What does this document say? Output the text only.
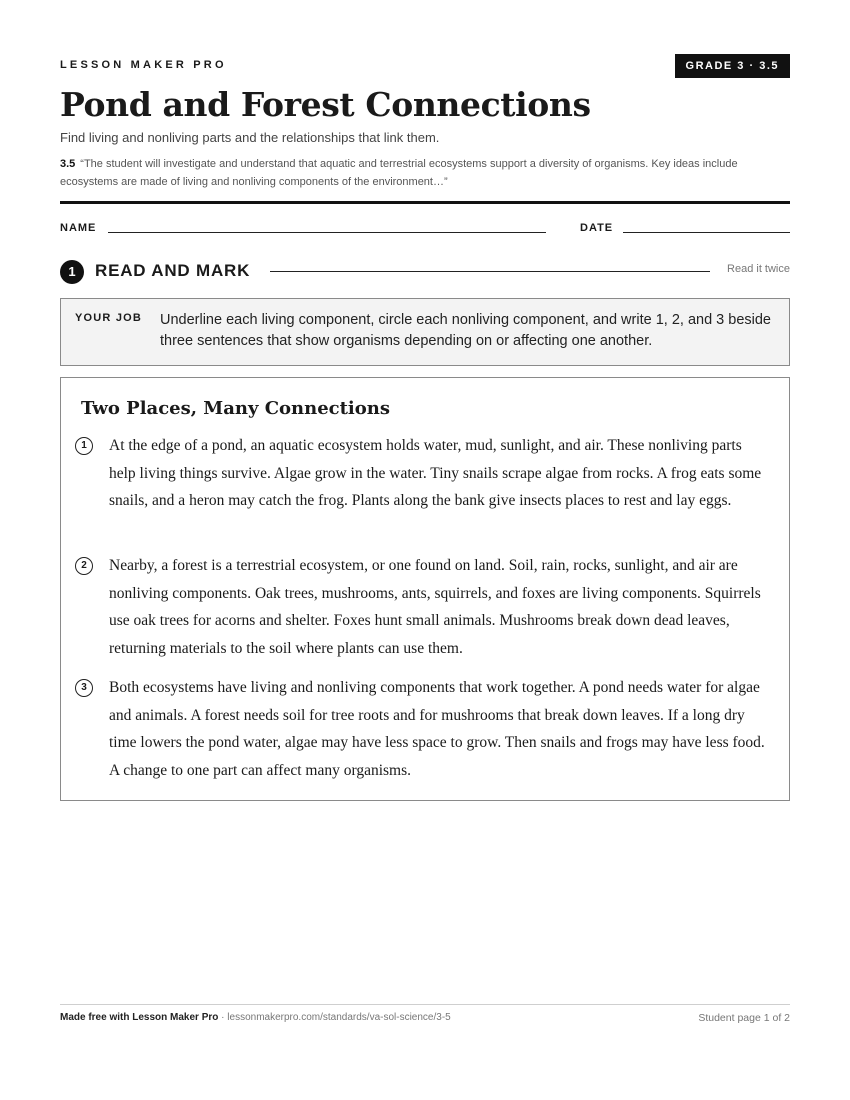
LESSON MAKER PRO	GRADE 3 · 3.5
Pond and Forest Connections
Find living and nonliving parts and the relationships that link them.
3.5 “The student will investigate and understand that aquatic and terrestrial ecosystems support a diversity of organisms. Key ideas include ecosystems are made of living and nonliving components of the environment…”
NAME	DATE
1	READ AND MARK	Read it twice
YOUR JOB Underline each living component, circle each nonliving component, and write 1, 2, and 3 beside three sentences that show organisms depending on or affecting one another.
Two Places, Many Connections
1	At the edge of a pond, an aquatic ecosystem holds water, mud, sunlight, and air. These nonliving parts help living things survive. Algae grow in the water. Tiny snails scrape algae from rocks. A frog eats some snails, and a heron may catch the frog. Plants along the bank give insects places to rest and lay eggs.
2	Nearby, a forest is a terrestrial ecosystem, or one found on land. Soil, rain, rocks, sunlight, and air are nonliving components. Oak trees, mushrooms, ants, squirrels, and foxes are living components. Squirrels use oak trees for acorns and shelter. Foxes hunt small animals. Mushrooms break down dead leaves, returning materials to the soil where plants can use them.
3	Both ecosystems have living and nonliving components that work together. A pond needs water for algae and animals. A forest needs soil for tree roots and for mushrooms that break down leaves. If a long dry time lowers the pond water, algae may have less space to grow. Then snails and frogs may have less food. A change to one part can affect many organisms.
Made free with Lesson Maker Pro · lessonmakerpro.com/standards/va-sol-science/3-5	Student page 1 of 2
